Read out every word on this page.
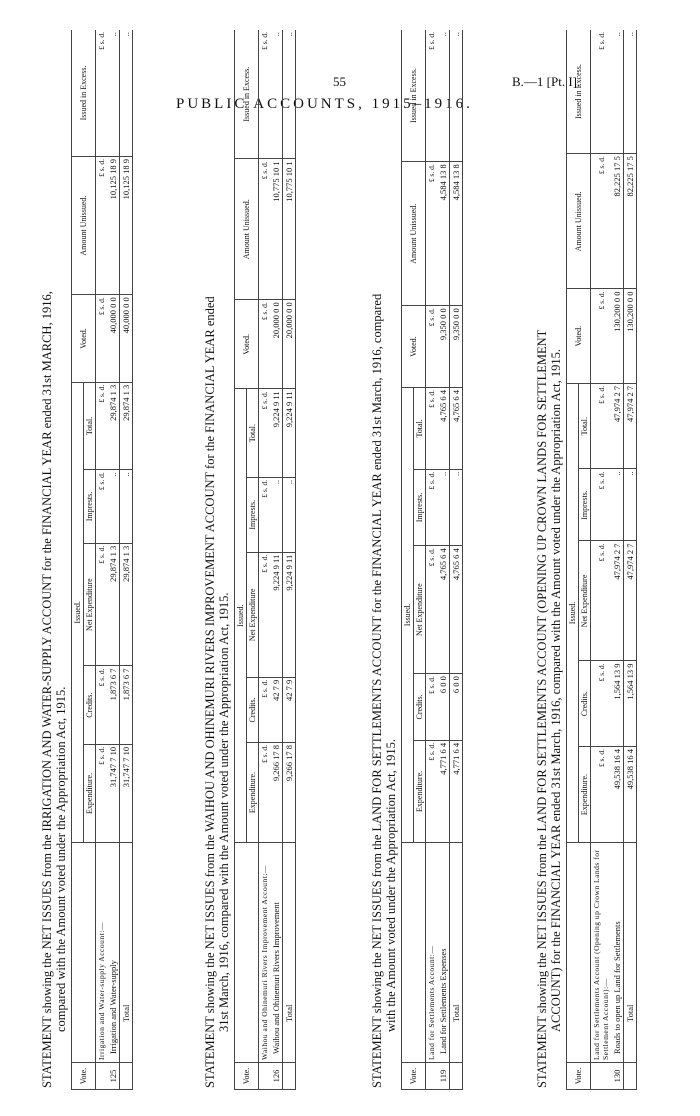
55	B.—1 [Pt. I].
PUBLIC ACCOUNTS, 1915–1916.
STATEMENT showing the NET ISSUES from the IRRIGATION AND WATER-SUPPLY ACCOUNT for the FINANCIAL YEAR ended 31st MARCH, 1916, compared with the Amount voted under the Appropriation Act, 1915.
Vote.		Issued.					Voted.	Amount Unissued.	Issued in Excess.
		Expenditure.	Credits.	Net Expenditure	Imprests.	Total.			
	Irrigation and Water-supply Account:—	£ s. d.	£ s. d.	£ s. d.	£ s. d.	£ s. d.	£ s. d.	£ s. d.	£ s. d.
125	Irrigation and Water-supply	31,747 7 10	1,873 6 7	29,874 1 3	..	29,874 1 3	40,000 0 0	10,125 18 9	..
	Total	31,747 7 10	1,873 6 7	29,874 1 3	..	29,874 1 3	40,000 0 0	10,125 18 9	..
STATEMENT showing the NET ISSUES from the WAIHOU AND OHINEMURI RIVERS IMPROVEMENT ACCOUNT for the FINANCIAL YEAR ended 31st March, 1916, compared with the Amount voted under the Appropriation Act, 1915.
Vote.		Issued.					Voted.	Amount Unissued.	Issued in Excess.
		Expenditure.	Credits.	Net Expenditure	Imprests.	Total.			
	Waihou and Ohinemuri Rivers Improvement Account:—	£ s. d.	£ s. d.	£ s. d.	£ s. d.	£ s. d.	£ s. d.	£ s. d.	£ s. d.
126	Waihou and Ohinemuri Rivers Improvement	9,266 17 8	42 7 9	9,224 9 11	..	9,224 9 11	20,000 0 0	10,775 10 1	..
	Total	9,266 17 8	42 7 9	9,224 9 11	..	9,224 9 11	20,000 0 0	10,775 10 1	..
STATEMENT showing the NET ISSUES from the LAND FOR SETTLEMENTS ACCOUNT for the FINANCIAL YEAR ended 31st March, 1916, compared with the Amount voted under the Appropriation Act, 1915.
Vote.		Issued.					Voted.	Amount Unissued.	Issued in Excess.
		Expenditure.	Credits.	Net Expenditure	Imprests.	Total.			
	Land for Settlements Account:—	£ s. d.	£ s. d.	£ s. d.	£ s. d.	£ s. d.	£ s. d.	£ s. d.	£ s. d.
119	Land for Settlements Expenses	4,771 6 4	6 0 0	4,765 6 4	..	4,765 6 4	9,350 0 0	4,584 13 8	..
	Total	4,771 6 4	6 0 0	4,765 6 4	..	4,765 6 4	9,350 0 0	4,584 13 8	..
STATEMENT showing the NET ISSUES from the LAND FOR SETTLEMENTS ACCOUNT (OPENING UP CROWN LANDS FOR SETTLEMENT ACCOUNT) for the FINANCIAL YEAR ended 31st March, 1916, compared with the Amount voted under the Appropriation Act, 1915.
Vote.		Issued.					Voted.	Amount Unissued.	Issued in Excess.
		Expenditure.	Credits.	Net Expenditure	Imprests.	Total.			
	Land for Settlements Account (Opening up Crown Lands for Settlement Account):—	£ s. d.	£ s. d.	£ s. d.	£ s. d.	£ s. d.	£ s. d.	£ s. d.	£ s. d.
130	Roads to open up Land for Settlements	49,538 16 4	1,564 13 9	47,974 2 7	..	47,974 2 7	130,200 0 0	82,225 17 5	..
	Total	49,538 16 4	1,564 13 9	47,974 2 7	..	47,974 2 7	130,200 0 0	82,225 17 5	..
